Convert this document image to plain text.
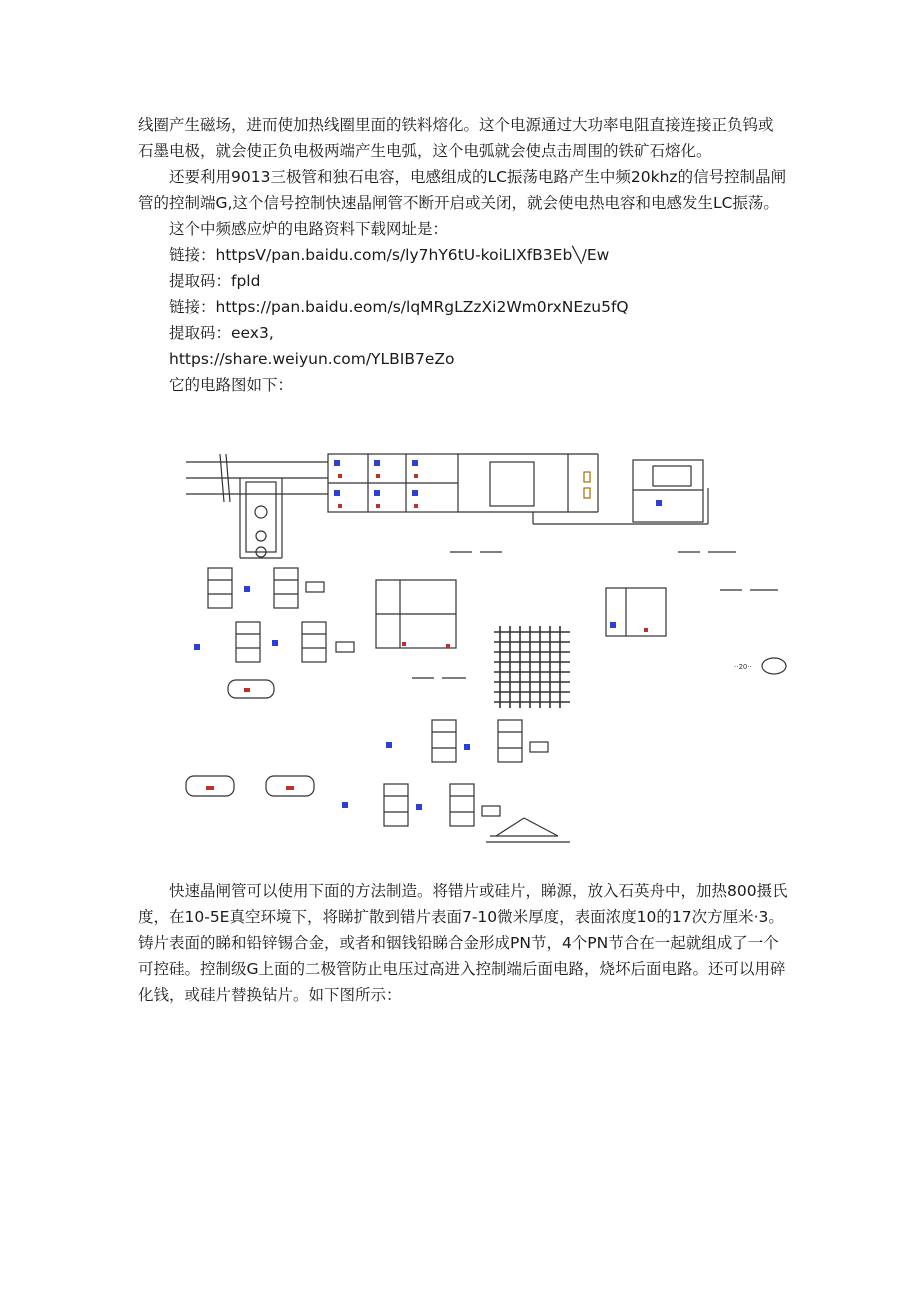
线圈产生磁场，进而使加热线圈里面的铁料熔化。这个电源通过大功率电阻直接连接正负钨或石墨电极，就会使正负电极两端产生电弧，这个电弧就会使点击周围的铁矿石熔化。

还要利用9013三极管和独石电容，电感组成的LC振荡电路产生中频20khz的信号控制晶闸管的控制端G,这个信号控制快速晶闸管不断开启或关闭，就会使电热电容和电感发生LC振荡。

这个中频感应炉的电路资料下载网址是：

链接：httpsV/pan.baidu.com/s/ly7hY6tU-koiLIXfB3Eb╲/Ew

提取码：fpld

链接：https://pan.baidu.eom/s/lqMRgLZzXi2Wm0rxNEzu5fQ

提取码：eex3,

https://share.weiyun.com/YLBIB7eZo

它的电路图如下：

··20··

快速晶闸管可以使用下面的方法制造。将错片或硅片，睇源，放入石英舟中，加热800摄氏度，在10-5E真空环境下，将睇扩散到错片表面7-10微米厚度，表面浓度10的17次方厘米·3。铸片表面的睇和铅锌锡合金，或者和铟钱铅睇合金形成PN节，4个PN节合在一起就组成了一个可控硅。控制级G上面的二极管防止电压过高进入控制端后面电路，烧坏后面电路。还可以用碎化钱，或硅片替换钻片。如下图所示：
